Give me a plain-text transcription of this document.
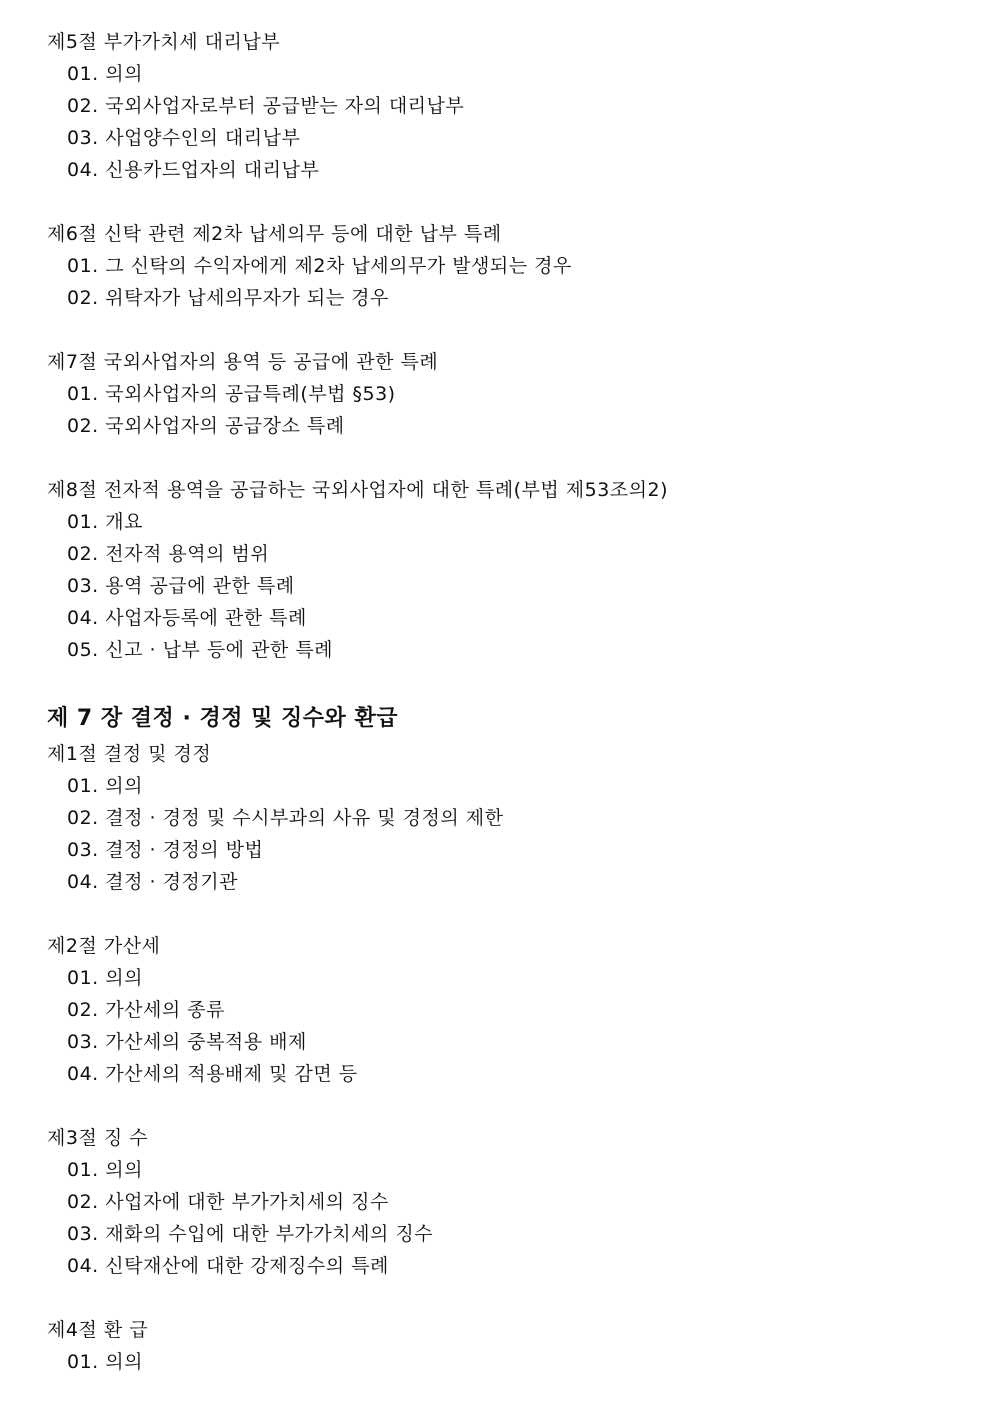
제5절 부가가치세 대리납부
01. 의의
02. 국외사업자로부터 공급받는 자의 대리납부
03. 사업양수인의 대리납부
04. 신용카드업자의 대리납부
제6절 신탁 관련 제2차 납세의무 등에 대한 납부 특례
01. 그 신탁의 수익자에게 제2차 납세의무가 발생되는 경우
02. 위탁자가 납세의무자가 되는 경우
제7절 국외사업자의 용역 등 공급에 관한 특례
01. 국외사업자의 공급특례(부법 §53)
02. 국외사업자의 공급장소 특례
제8절 전자적 용역을 공급하는 국외사업자에 대한 특례(부법 제53조의2)
01. 개요
02. 전자적 용역의 범위
03. 용역 공급에 관한 특례
04. 사업자등록에 관한 특례
05. 신고 · 납부 등에 관한 특례
제 7 장 결정 · 경정 및 징수와 환급
제1절 결정 및 경정
01. 의의
02. 결정 · 경정 및 수시부과의 사유 및 경정의 제한
03. 결정 · 경정의 방법
04. 결정 · 경정기관
제2절 가산세
01. 의의
02. 가산세의 종류
03. 가산세의 중복적용 배제
04. 가산세의 적용배제 및 감면 등
제3절 징 수
01. 의의
02. 사업자에 대한 부가가치세의 징수
03. 재화의 수입에 대한 부가가치세의 징수
04. 신탁재산에 대한 강제징수의 특례
제4절 환 급
01. 의의
